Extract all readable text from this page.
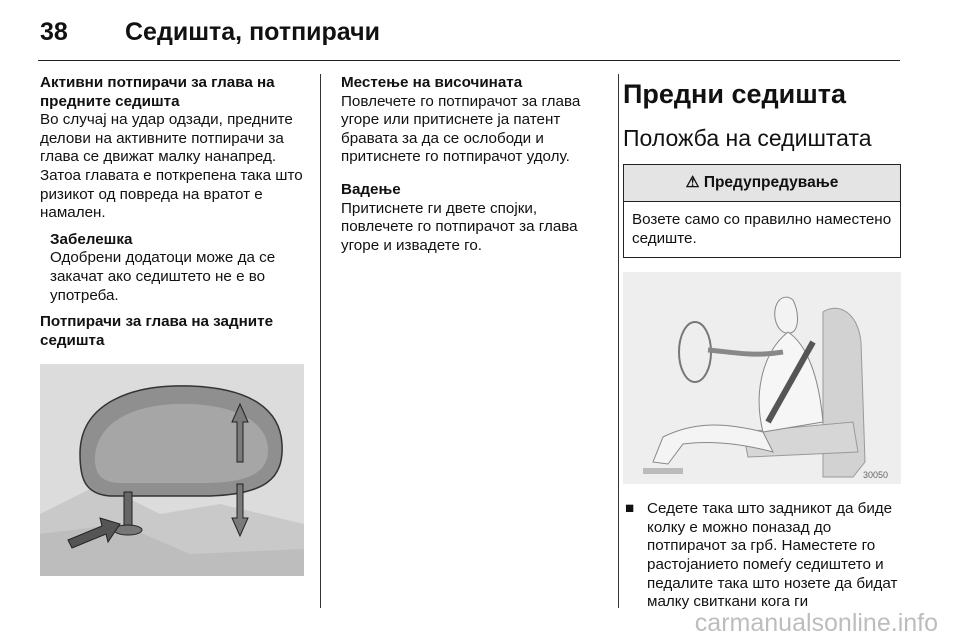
38	Седишта, потпирачи
Активни потпирачи за глава на предните седишта
Во случај на удар одзади, предните делови на активните потпирачи за глава се движат малку нанапред. Затоа главата е поткрепена така што ризикот од повреда на вратот е намален.
Забелешка
Одобрени додатоци може да се закачат ако седиштето не е во употреба.
Потпирачи за глава на задните седишта
Местење на височината
Повлечете го потпирачот за глава угоре или притиснете ја патент бравата за да се ослободи и притиснете го потпирачот удолу.
Вадење
Притиснете ги двете спојки, повлечете го потпирачот за глава угоре и извадете го.
Предни седишта
Положба на седиштата
⚠ Предупредување
Возете само со правилно наместено седиште.
30050
■ Седете така што задникот да биде колку е можно поназад до потпирачот за грб. Наместете го растојанието помеѓу седиштето и педалите така што нозете да бидат малку свиткани кога ги
carmanualsonline.info
